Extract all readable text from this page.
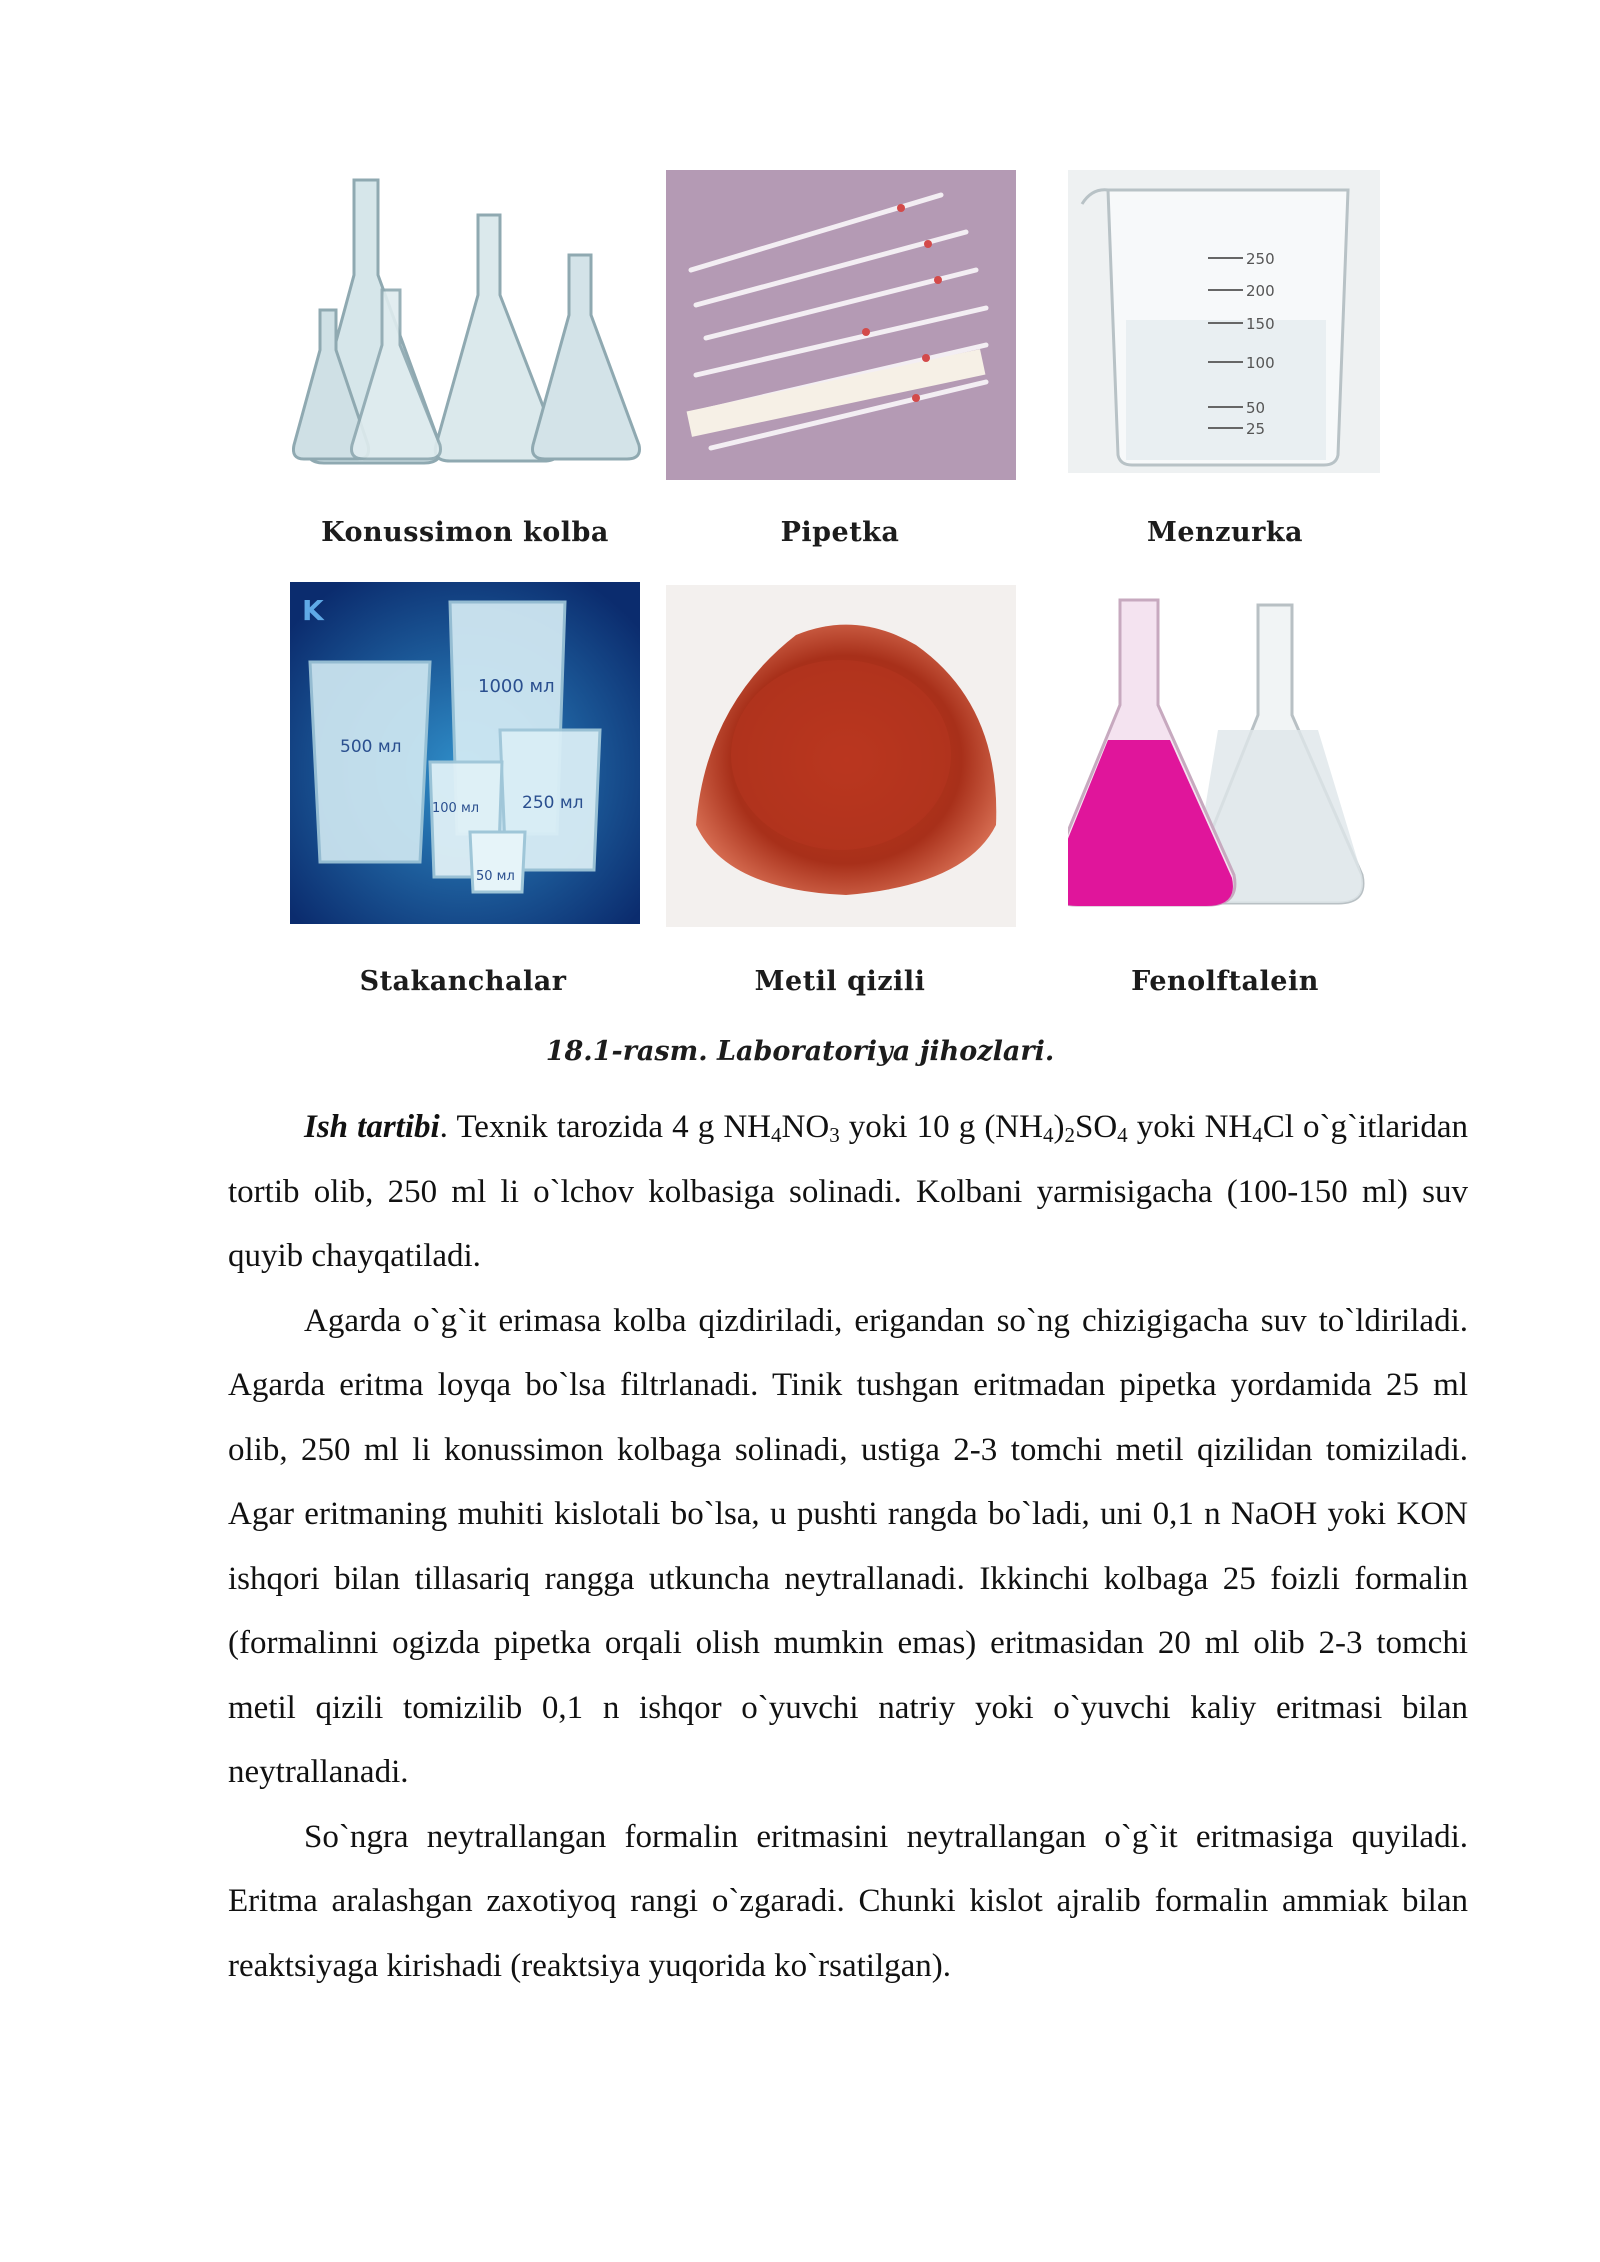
250
200
150
100
50
25
Konussimon kolba	Pipetka	Menzurka
K
1000 мл
500 мл
250 мл
100 мл
50 мл
Stakanchalar	Metil qizili	Fenolftalein
18.1-rasm. Laboratoriya jihozlari.

Ish tartibi. Texnik tarozida 4 g $NH_4NO_3$ yoki 10 g $(NH_4)_2SO_4$ yoki $NH_4Cl$ o`g`itlaridan tortib olib, 250 ml li o`lchov kolbasiga solinadi. Kolbani yarmisigacha (100-150 ml) suv quyib chayqatiladi.

Agarda o`g`it erimasa kolba qizdiriladi, erigandan so`ng chizigigacha suv to`ldiriladi. Agarda eritma loyqa bo`lsa filtrlanadi. Tinik tushgan eritmadan pipetka yordamida 25 ml olib, 250 ml li konussimon kolbaga solinadi, ustiga 2-3 tomchi metil qizilidan tomiziladi. Agar eritmaning muhiti kislotali bo`lsa, u pushti rangda bo`ladi, uni 0,1 n NaOH yoki KON ishqori bilan tillasariq rangga utkuncha neytrallanadi. Ikkinchi kolbaga 25 foizli formalin (formalinni ogizda pipetka orqali olish mumkin emas) eritmasidan 20 ml olib 2-3 tomchi metil qizili tomizilib 0,1 n ishqor o`yuvchi natriy yoki o`yuvchi kaliy eritmasi bilan neytrallanadi.

So`ngra neytrallangan formalin eritmasini neytrallangan o`g`it eritmasiga quyiladi. Eritma aralashgan zaxotiyoq rangi o`zgaradi. Chunki kislot ajralib formalin ammiak bilan reaktsiyaga kirishadi (reaktsiya yuqorida ko`rsatilgan).
